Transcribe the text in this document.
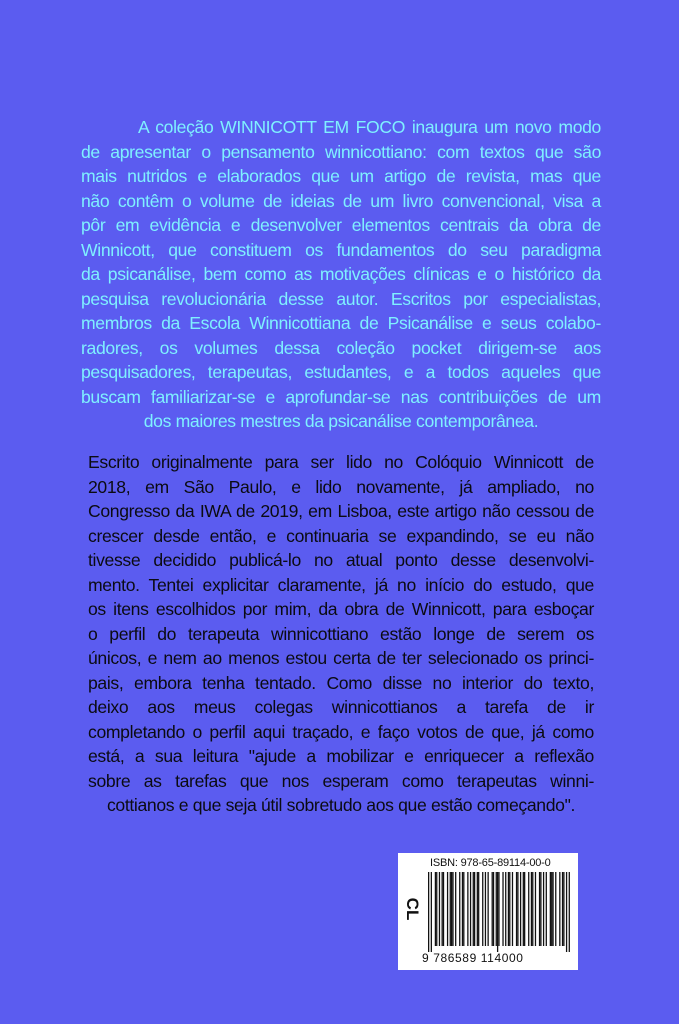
A coleção WINNICOTT EM FOCO inaugura um novo modo
de apresentar o pensamento winnicottiano: com textos que são
mais nutridos e elaborados que um artigo de revista, mas que
não contêm o volume de ideias de um livro convencional, visa a
pôr em evidência e desenvolver elementos centrais da obra de
Winnicott, que constituem os fundamentos do seu paradigma
da psicanálise, bem como as motivações clínicas e o histórico da
pesquisa revolucionária desse autor. Escritos por especialistas,
membros da Escola Winnicottiana de Psicanálise e seus colabo-
radores, os volumes dessa coleção pocket dirigem-se aos
pesquisadores, terapeutas, estudantes, e a todos aqueles que
buscam familiarizar-se e aprofundar-se nas contribuições de um
dos maiores mestres da psicanálise contemporânea.
Escrito originalmente para ser lido no Colóquio Winnicott de
2018, em São Paulo, e lido novamente, já ampliado, no
Congresso da IWA de 2019, em Lisboa, este artigo não cessou de
crescer desde então, e continuaria se expandindo, se eu não
tivesse decidido publicá-lo no atual ponto desse desenvolvi-
mento. Tentei explicitar claramente, já no início do estudo, que
os itens escolhidos por mim, da obra de Winnicott, para esboçar
o perfil do terapeuta winnicottiano estão longe de serem os
únicos, e nem ao menos estou certa de ter selecionado os princi-
pais, embora tenha tentado. Como disse no interior do texto,
deixo aos meus colegas winnicottianos a tarefa de ir
completando o perfil aqui traçado, e faço votos de que, já como
está, a sua leitura "ajude a mobilizar e enriquecer a reflexão
sobre as tarefas que nos esperam como terapeutas winni-
cottianos e que seja útil sobretudo aos que estão começando".
ISBN: 978-65-89114-00-0
CL
9 786589 114000
